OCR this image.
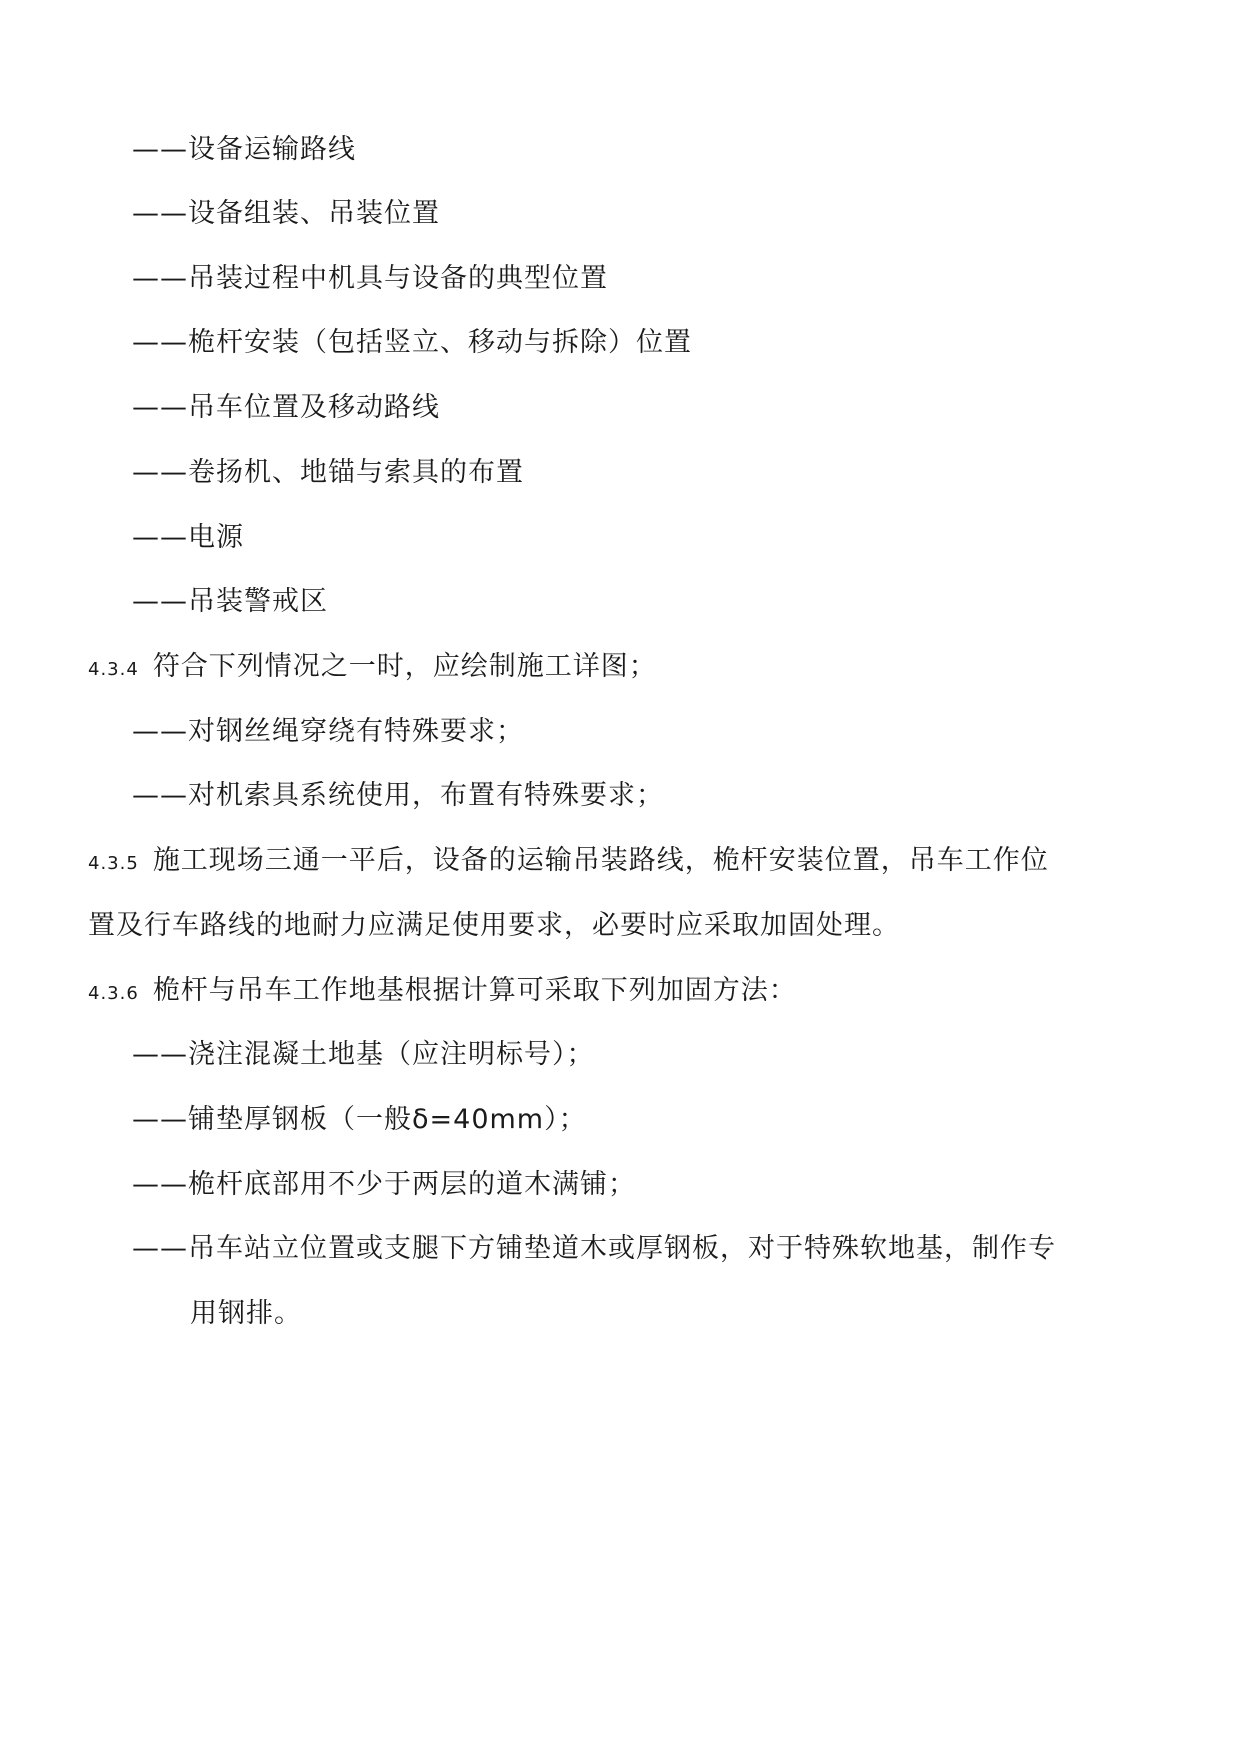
——设备运输路线
——设备组装、吊装位置
——吊装过程中机具与设备的典型位置
——桅杆安装（包括竖立、移动与拆除）位置
——吊车位置及移动路线
——卷扬机、地锚与索具的布置
——电源
——吊装警戒区
4.3.4 符合下列情况之一时，应绘制施工详图；
——对钢丝绳穿绕有特殊要求；
——对机索具系统使用，布置有特殊要求；
4.3.5 施工现场三通一平后，设备的运输吊装路线，桅杆安装位置，吊车工作位
置及行车路线的地耐力应满足使用要求，必要时应采取加固处理。
4.3.6 桅杆与吊车工作地基根据计算可采取下列加固方法：
——浇注混凝土地基（应注明标号）；
——铺垫厚钢板（一般δ=40mm）；
——桅杆底部用不少于两层的道木满铺；
——吊车站立位置或支腿下方铺垫道木或厚钢板，对于特殊软地基，制作专
用钢排。
